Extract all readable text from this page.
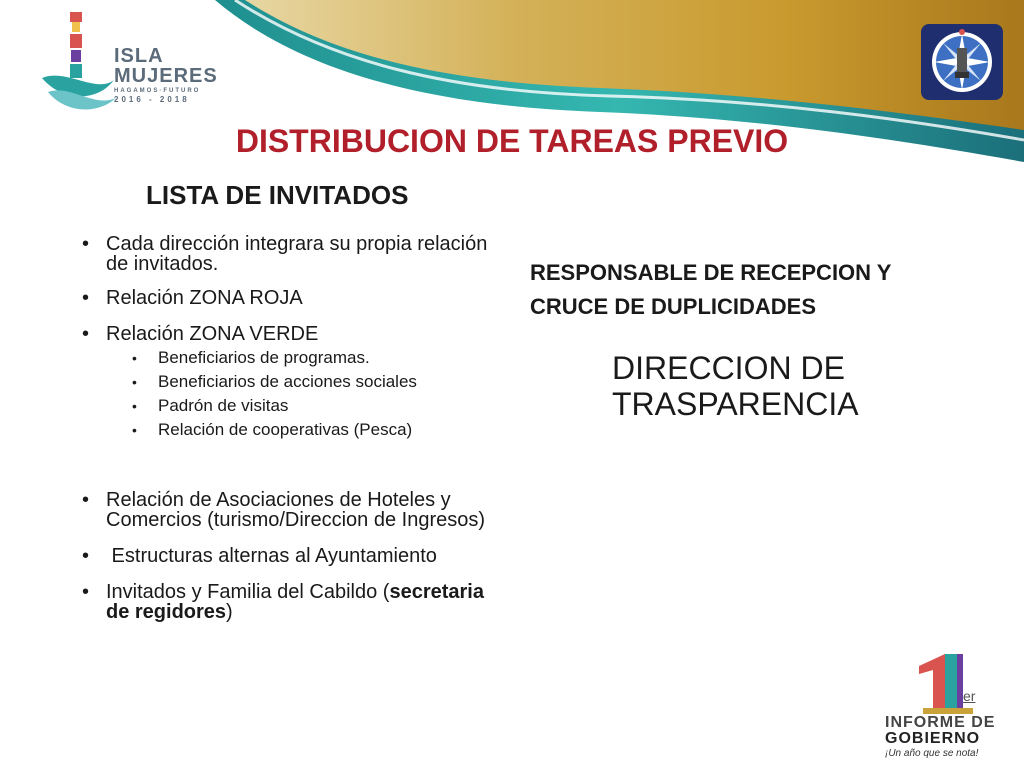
ISLA
MUJERES
HAGAMOS·FUTURO
2016 - 2018
DISTRIBUCION DE TAREAS PREVIO
LISTA DE INVITADOS
• Cada dirección integrara su propia relación de invitados.
• Relación ZONA ROJA
• Relación ZONA VERDE
• Beneficiarios de programas.
• Beneficiarios de acciones sociales
• Padrón de visitas
• Relación de cooperativas (Pesca)
• Relación de Asociaciones de Hoteles y Comercios (turismo/Direccion de Ingresos)
• Estructuras alternas al Ayuntamiento
• Invitados y Familia del Cabildo (secretaria de regidores)
RESPONSABLE DE RECEPCION Y CRUCE DE DUPLICIDADES
DIRECCION DE TRASPARENCIA
er
INFORME DE
GOBIERNO
¡Un año que se nota!
